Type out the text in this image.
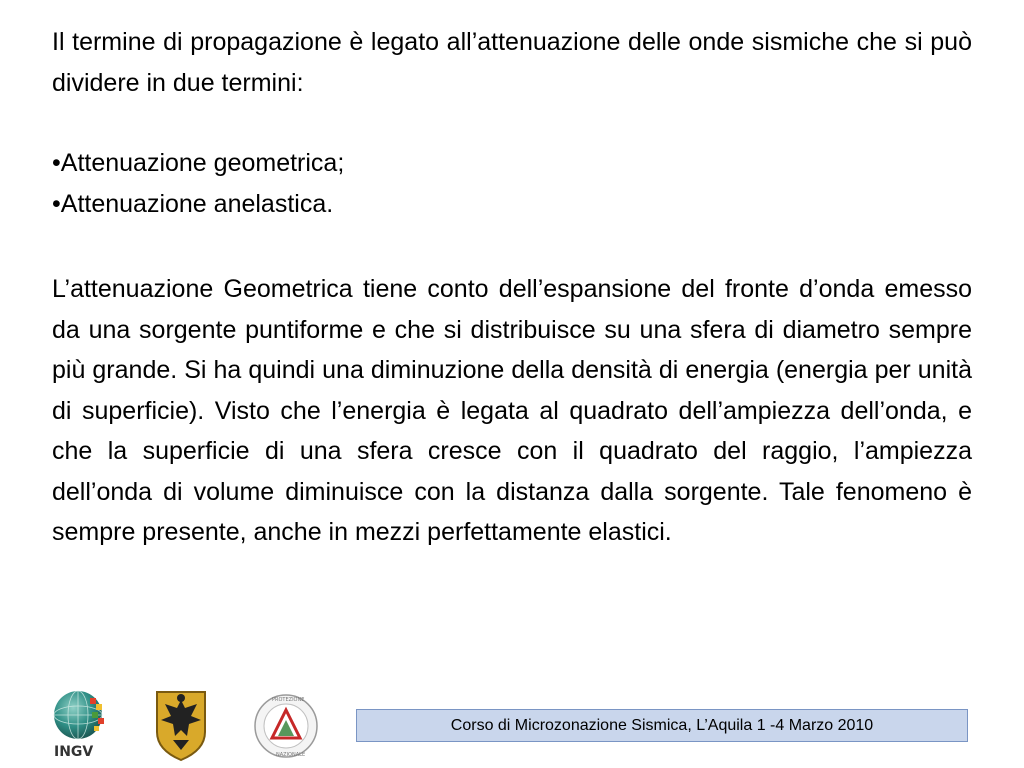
Il termine di propagazione è legato all’attenuazione delle onde sismiche che si può dividere in due termini:

• Attenuazione geometrica;
• Attenuazione anelastica.

L’attenuazione Geometrica tiene conto dell’espansione del fronte d’onda emesso da una sorgente puntiforme e che si distribuisce su una sfera di diametro sempre più grande. Si ha quindi una diminuzione della densità di energia (energia per unità di superficie). Visto che l’energia è legata al quadrato dell’ampiezza dell’onda, e che la superficie di una sfera cresce con il quadrato del raggio, l’ampiezza dell’onda di volume diminuisce con la distanza dalla sorgente. Tale fenomeno è sempre presente, anche in mezzi perfettamente elastici.

INGV
PROTEZIONE
NAZIONALE
Corso di Microzonazione Sismica, L’Aquila 1 -4 Marzo 2010
